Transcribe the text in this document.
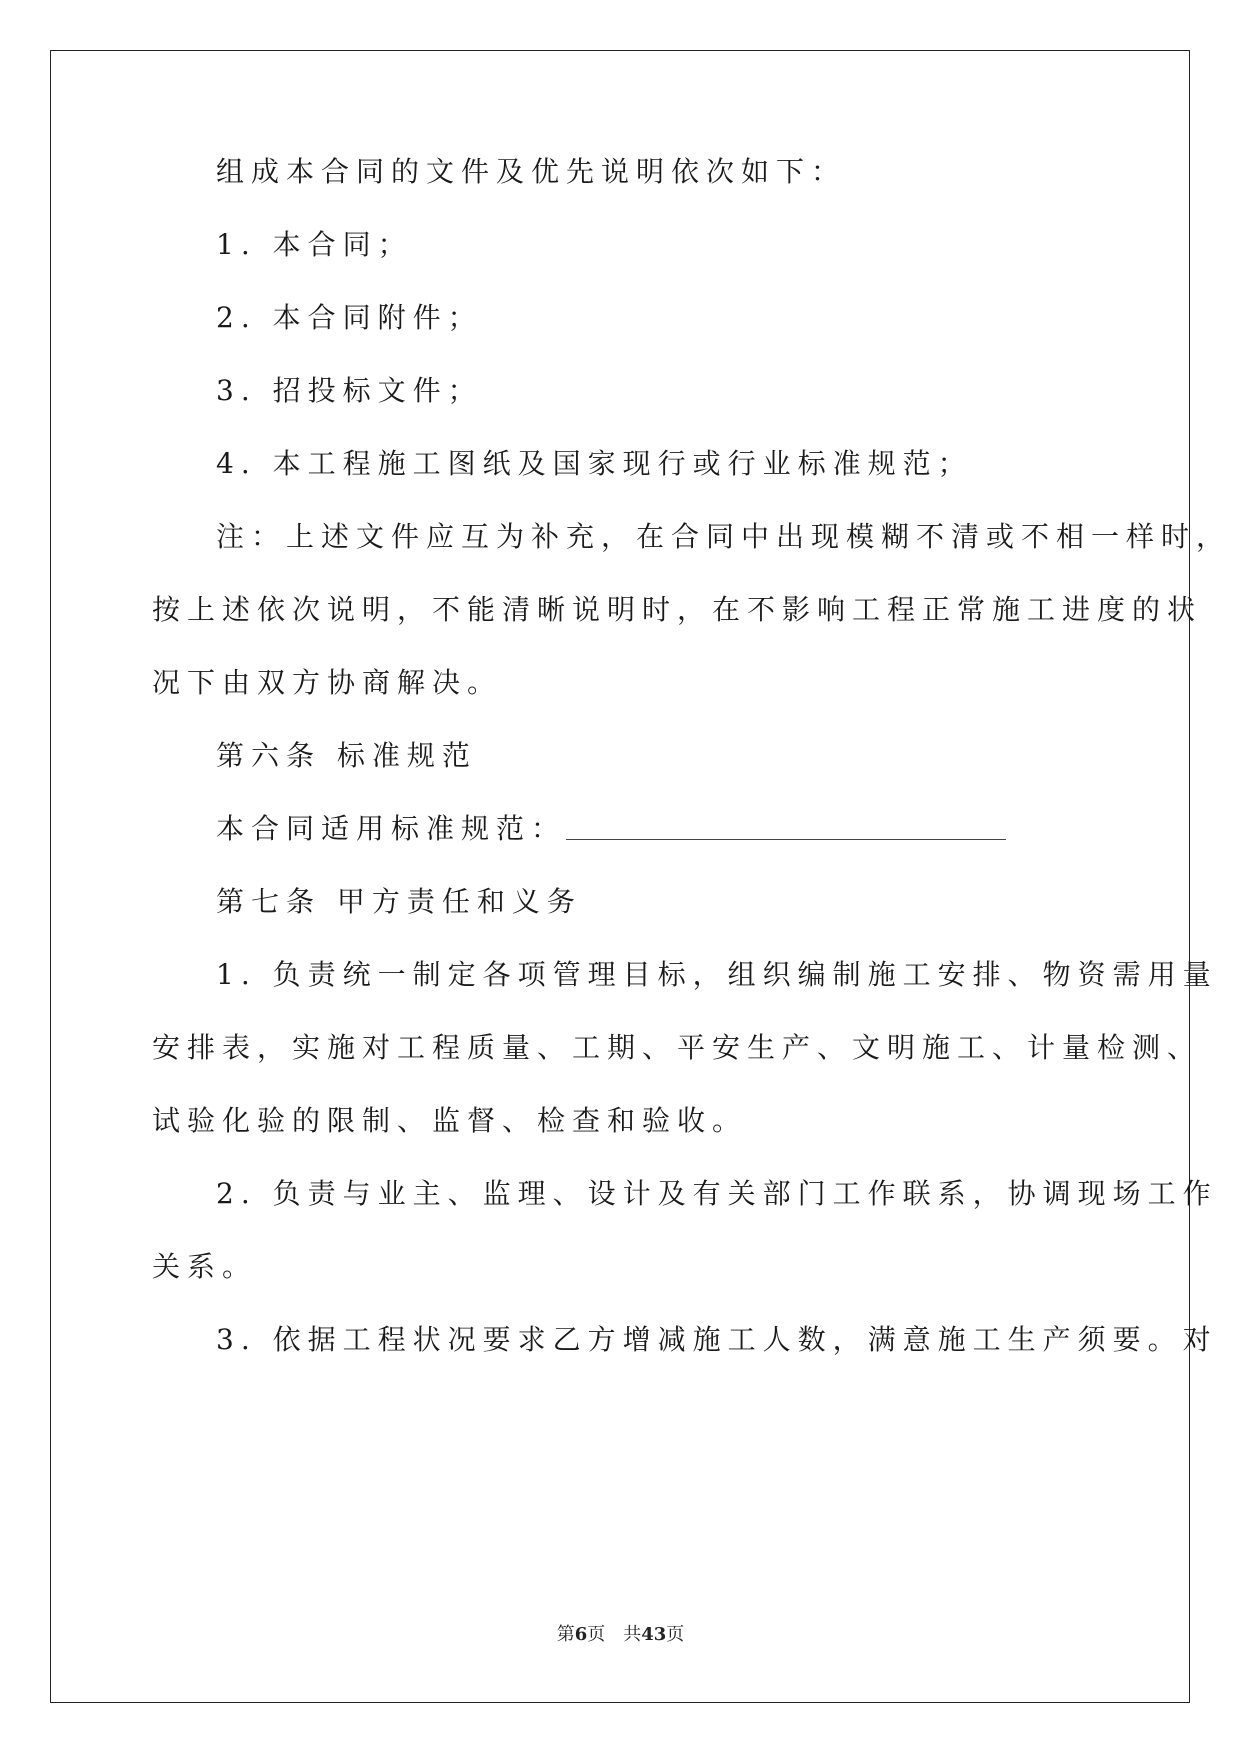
组成本合同的文件及优先说明依次如下：
1. 本合同；
2. 本合同附件；
3. 招投标文件；
4. 本工程施工图纸及国家现行或行业标准规范；
注：上述文件应互为补充，在合同中出现模糊不清或不相一样时，
按上述依次说明，不能清晰说明时，在不影响工程正常施工进度的状
况下由双方协商解决。
第六条 标准规范
本合同适用标准规范：
第七条 甲方责任和义务
1. 负责统一制定各项管理目标，组织编制施工安排、物资需用量
安排表，实施对工程质量、工期、平安生产、文明施工、计量检测、
试验化验的限制、监督、检查和验收。
2. 负责与业主、监理、设计及有关部门工作联系，协调现场工作
关系。
3. 依据工程状况要求乙方增减施工人数，满意施工生产须要。对
第6页　共43页
